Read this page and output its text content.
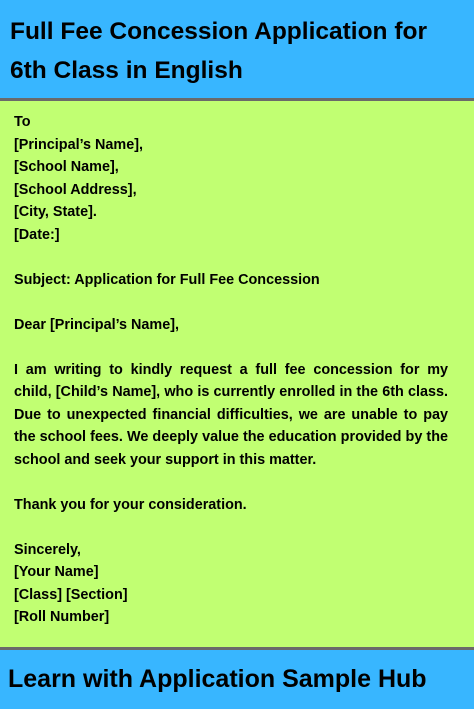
Full Fee Concession Application for 6th Class in English

To

[Principal’s Name],

[School Name],

[School Address],

[City, State].

[Date:]

Subject: Application for Full Fee Concession

Dear [Principal’s Name],

I am writing to kindly request a full fee concession for my child, [Child’s Name], who is currently enrolled in the 6th class. Due to unexpected financial difficulties, we are unable to pay the school fees. We deeply value the education provided by the school and seek your support in this matter.

Thank you for your consideration.

Sincerely,

[Your Name]

[Class] [Section]

[Roll Number]

Learn with Application Sample Hub
